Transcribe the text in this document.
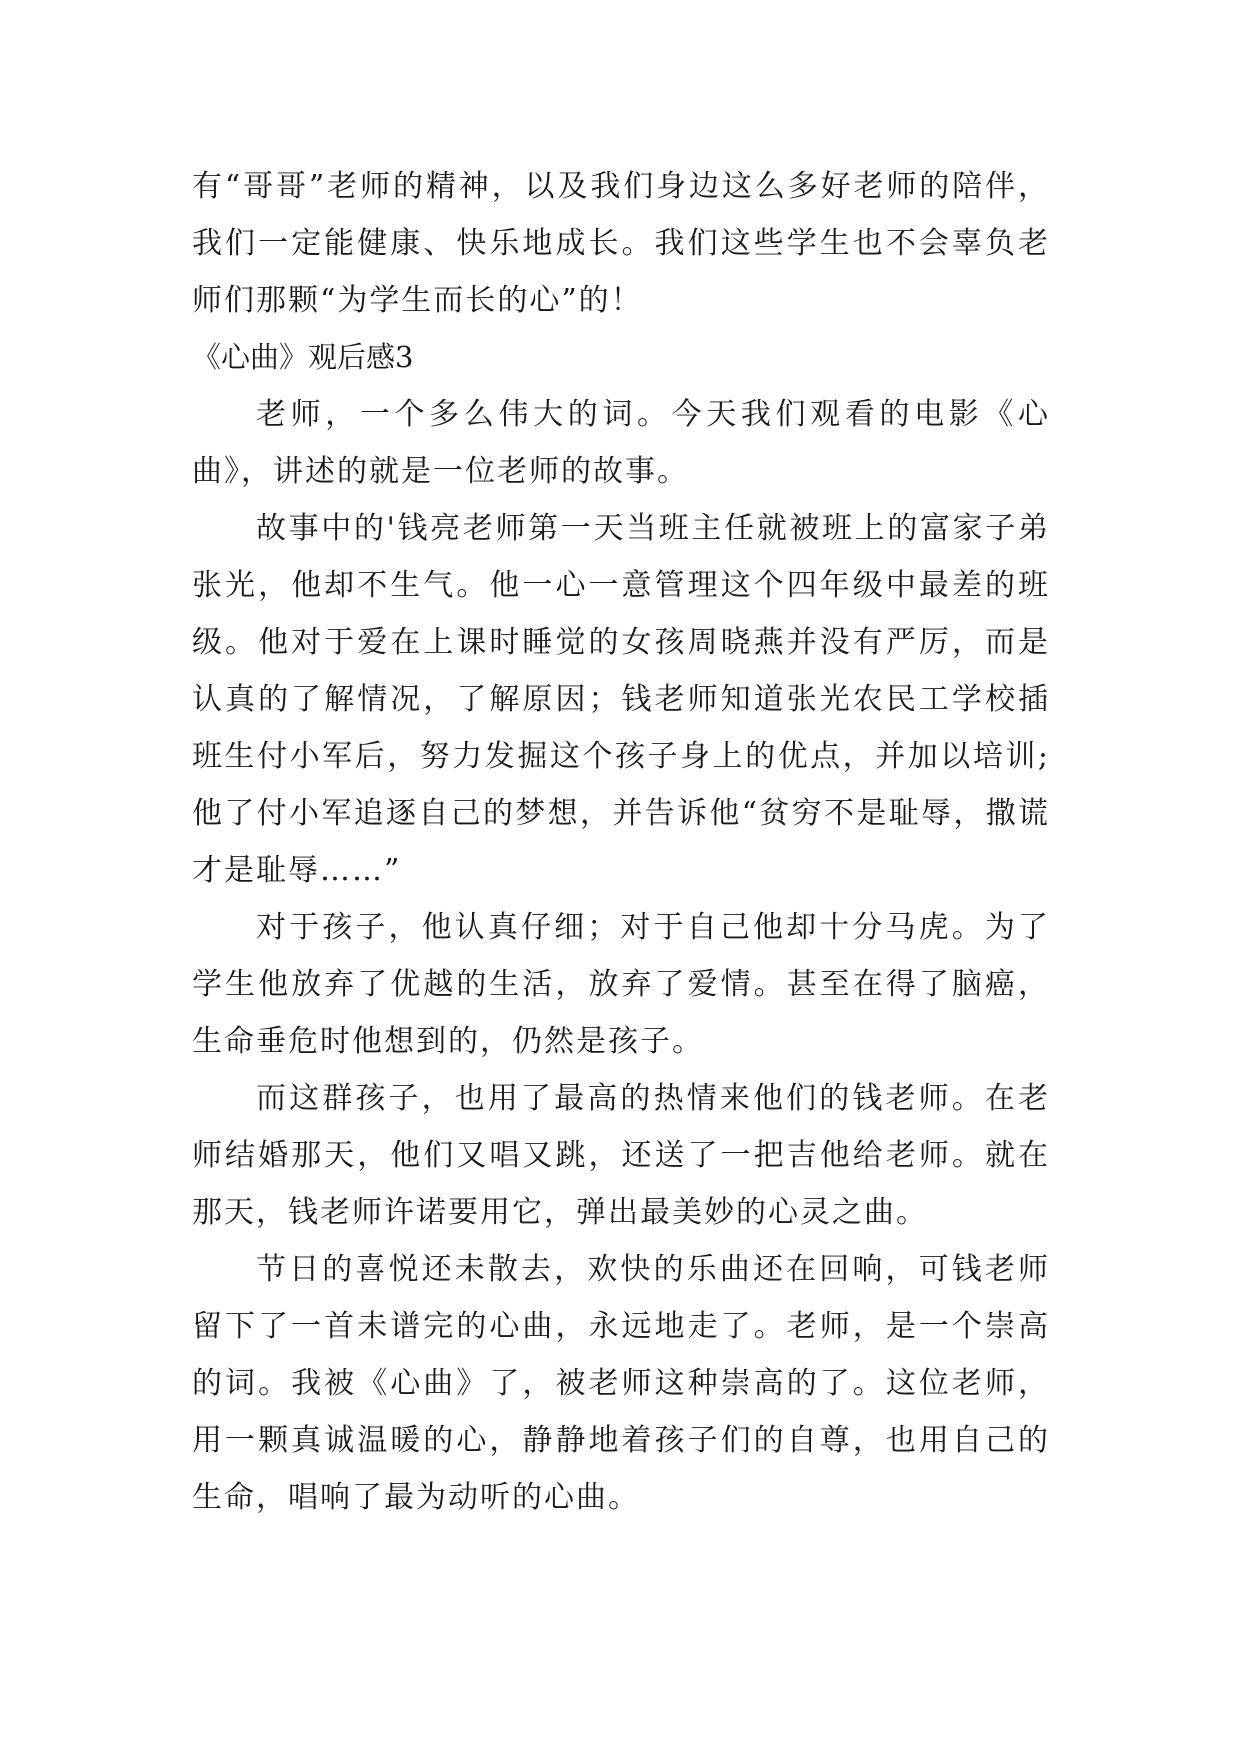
有“哥哥”老师的精神，以及我们身边这么多好老师的陪伴，我们一定能健康、快乐地成长。我们这些学生也不会辜负老师们那颗“为学生而长的心”的！

《心曲》观后感3

老师，一个多么伟大的词。今天我们观看的电影《心曲》，讲述的就是一位老师的故事。

故事中的'钱亮老师第一天当班主任就被班上的富家子弟张光，他却不生气。他一心一意管理这个四年级中最差的班级。他对于爱在上课时睡觉的女孩周晓燕并没有严厉，而是认真的了解情况，了解原因；钱老师知道张光农民工学校插班生付小军后，努力发掘这个孩子身上的优点，并加以培训;他了付小军追逐自己的梦想，并告诉他“贫穷不是耻辱，撒谎才是耻辱……”

对于孩子，他认真仔细；对于自己他却十分马虎。为了学生他放弃了优越的生活，放弃了爱情。甚至在得了脑癌，生命垂危时他想到的，仍然是孩子。

而这群孩子，也用了最高的热情来他们的钱老师。在老师结婚那天，他们又唱又跳，还送了一把吉他给老师。就在那天，钱老师许诺要用它，弹出最美妙的心灵之曲。

节日的喜悦还未散去，欢快的乐曲还在回响，可钱老师留下了一首未谱完的心曲，永远地走了。老师，是一个崇高的词。我被《心曲》了，被老师这种崇高的了。这位老师，用一颗真诚温暖的心，静静地着孩子们的自尊，也用自己的生命，唱响了最为动听的心曲。
